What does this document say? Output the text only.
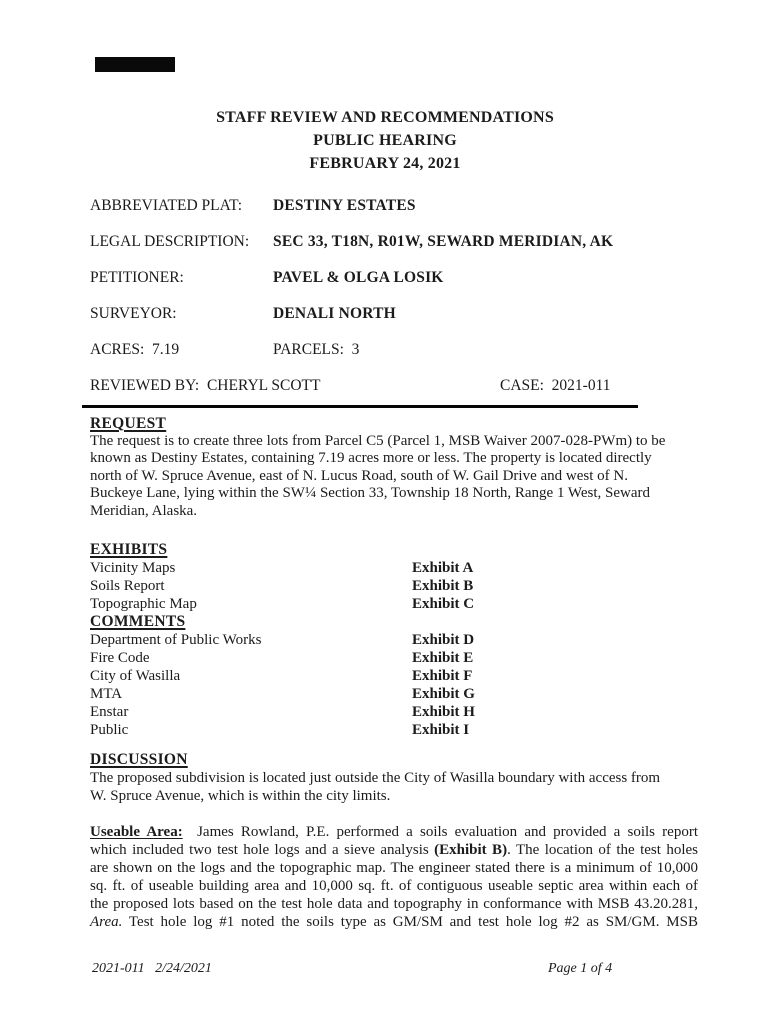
STAFF REVIEW AND RECOMMENDATIONS
PUBLIC HEARING
FEBRUARY 24, 2021
ABBREVIATED PLAT: DESTINY ESTATES
LEGAL DESCRIPTION: SEC 33, T18N, R01W, SEWARD MERIDIAN, AK
PETITIONER:	PAVEL & OLGA LOSIK
SURVEYOR:	DENALI NORTH
ACRES:  7.19	PARCELS:  3
REVIEWED BY:  CHERYL SCOTT	CASE:  2021-011
REQUEST
The request is to create three lots from Parcel C5 (Parcel 1, MSB Waiver 2007-028-PWm) to be
known as Destiny Estates, containing 7.19 acres more or less. The property is located directly
north of W. Spruce Avenue, east of N. Lucus Road, south of W. Gail Drive and west of N.
Buckeye Lane, lying within the SW¼ Section 33, Township 18 North, Range 1 West, Seward
Meridian, Alaska.
EXHIBITS
Vicinity Maps	Exhibit A
Soils Report	Exhibit B
Topographic Map	Exhibit C
COMMENTS
Department of Public Works	Exhibit D
Fire Code	Exhibit E
City of Wasilla	Exhibit F
MTA	Exhibit G
Enstar	Exhibit H
Public	Exhibit I
DISCUSSION
The proposed subdivision is located just outside the City of Wasilla boundary with access from
W. Spruce Avenue, which is within the city limits.
Useable Area:  James Rowland, P.E. performed a soils evaluation and provided a soils report
which included two test hole logs and a sieve analysis (Exhibit B). The location of the test holes
are shown on the logs and the topographic map. The engineer stated there is a minimum of 10,000
sq. ft. of useable building area and 10,000 sq. ft. of contiguous useable septic area within each of
the proposed lots based on the test hole data and topography in conformance with MSB 43.20.281,
Area. Test hole log #1 noted the soils type as GM/SM and test hole log #2 as SM/GM. MSB
2021-011   2/24/2021	Page 1 of 4
